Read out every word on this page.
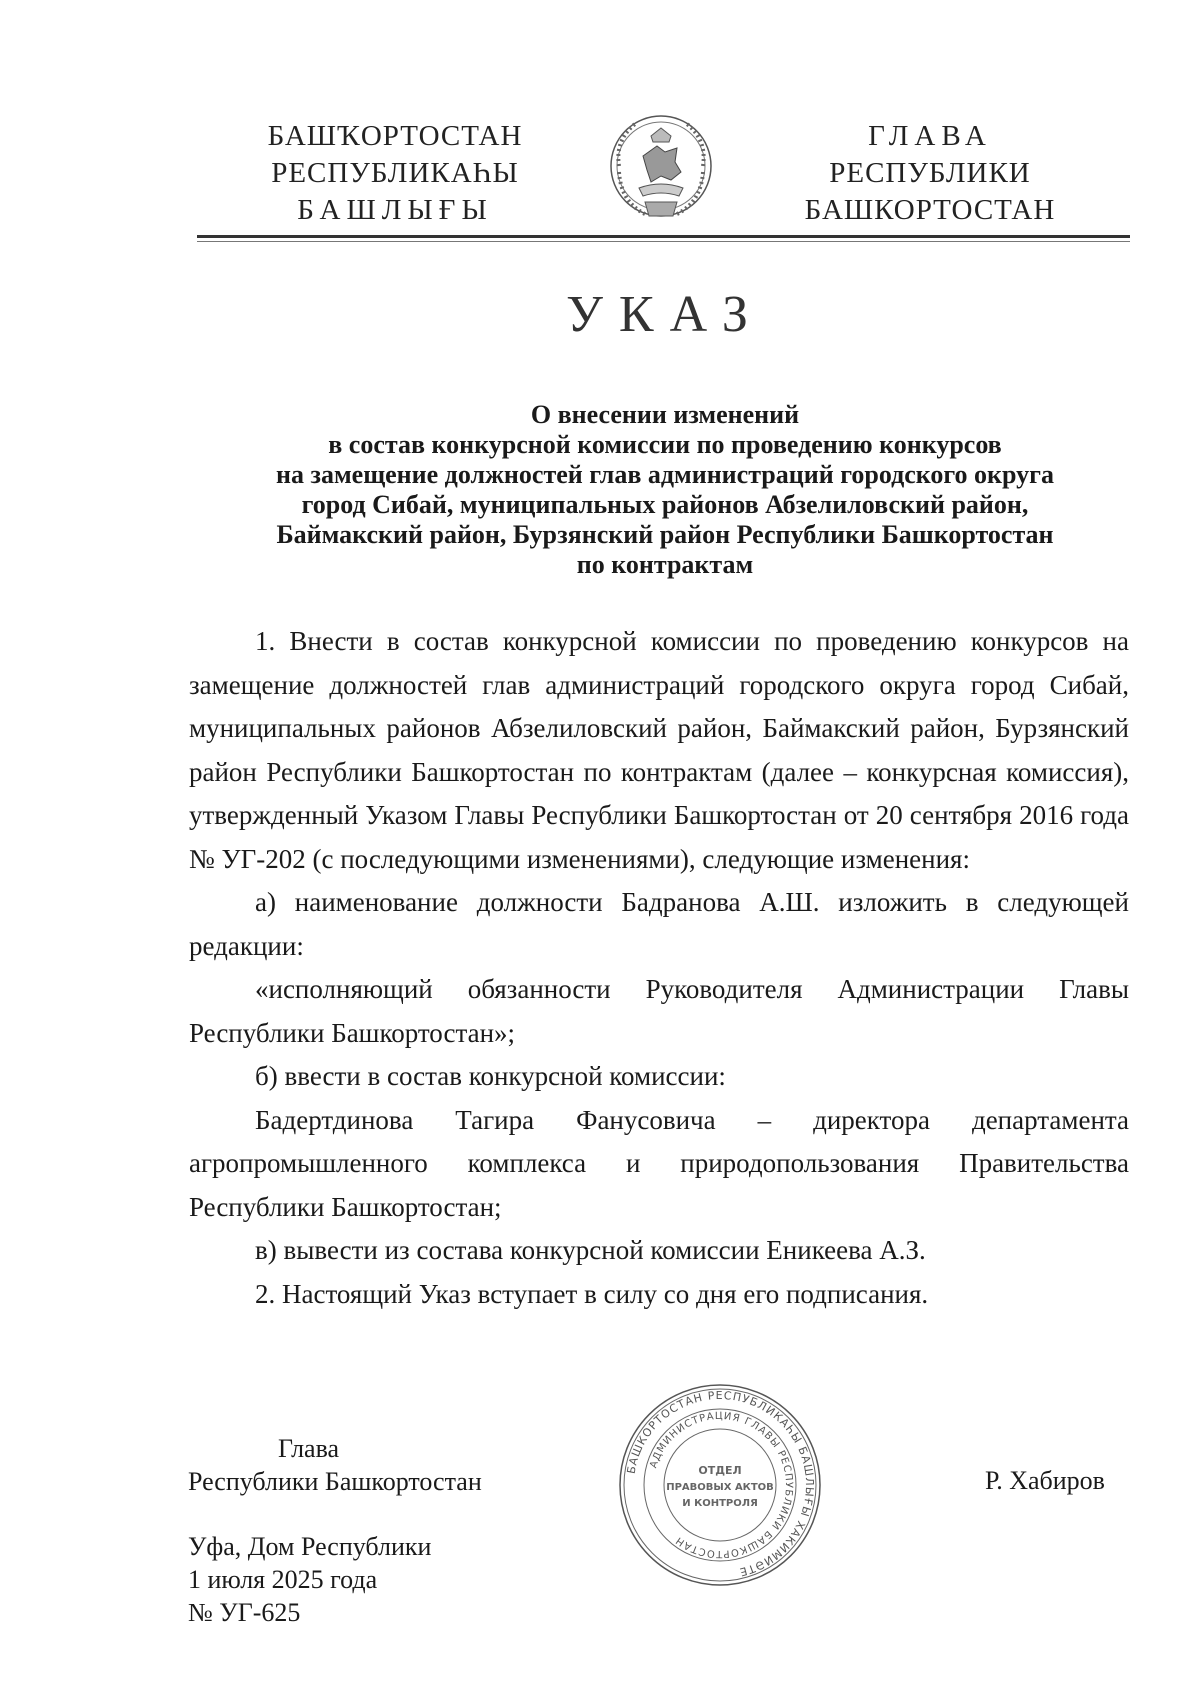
БАШҠОРТОСТАН
РЕСПУБЛИКАҺЫ
БАШЛЫҒЫ
ГЛАВА
РЕСПУБЛИКИ
БАШКОРТОСТАН
УКАЗ
О внесении изменений
в состав конкурсной комиссии по проведению конкурсов
на замещение должностей глав администраций городского округа
город Сибай, муниципальных районов Абзелиловский район,
Баймакский район, Бурзянский район Республики Башкортостан
по контрактам

1. Внести в состав конкурсной комиссии по проведению конкурсов на замещение должностей глав администраций городского округа город Сибай, муниципальных районов Абзелиловский район, Баймакский район, Бурзянский район Республики Башкортостан по контрактам (далее – конкурсная комиссия), утвержденный Указом Главы Республики Башкортостан от 20 сентября 2016 года № УГ-202 (с последующими изменениями), следующие изменения:

а) наименование должности Бадранова А.Ш. изложить в следующей редакции:

«исполняющий обязанности Руководителя Администрации Главы Республики Башкортостан»;

б) ввести в состав конкурсной комиссии:

Бадертдинова Тагира Фанусовича – директора департамента агропромышленного комплекса и природопользования Правительства Республики Башкортостан;

в) вывести из состава конкурсной комиссии Еникеева А.З.

2. Настоящий Указ вступает в силу со дня его подписания.

Глава
Республики Башкортостан	БАШКОРТОСТАН РЕСПУБЛИКАҺЫ БАШЛЫҒЫ ХАКИМИӘТЕ
АДМИНИСТРАЦИЯ ГЛАВЫ РЕСПУБЛИКИ БАШКОРТОСТАН
ОТДЕЛ
ПРАВОВЫХ АКТОВ
И КОНТРОЛЯ
Р. Хабиров
Уфа, Дом Республики
1 июля 2025 года
№ УГ-625
